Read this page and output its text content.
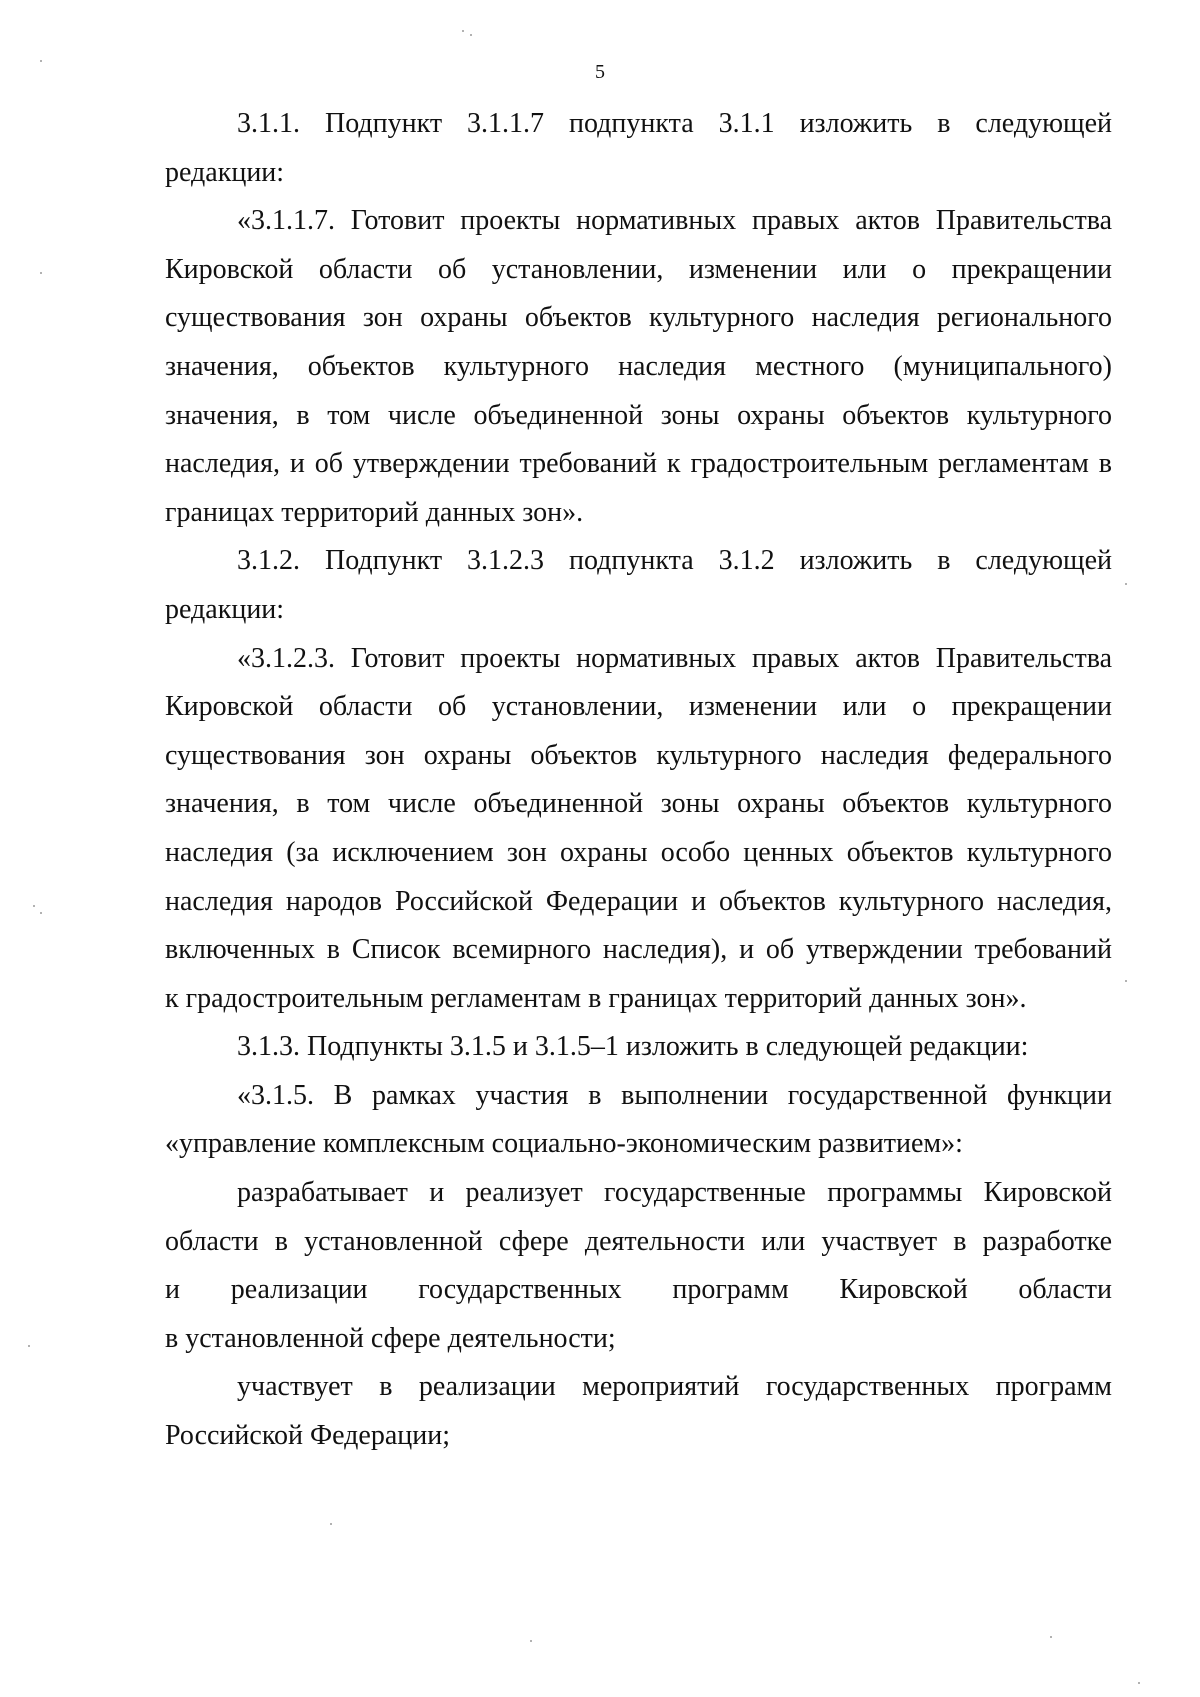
5

3.1.1. Подпункт 3.1.1.7 подпункта 3.1.1 изложить в следующей
редакции:

«3.1.1.7. Готовит проекты нормативных правых актов Правительства
Кировской области об установлении, изменении или о прекращении
существования зон охраны объектов культурного наследия регионального
значения, объектов культурного наследия местного (муниципального)
значения, в том числе объединенной зоны охраны объектов культурного
наследия, и об утверждении требований к градостроительным регламентам в
границах территорий данных зон».

3.1.2. Подпункт 3.1.2.3 подпункта 3.1.2 изложить в следующей
редакции:

«3.1.2.3. Готовит проекты нормативных правых актов Правительства
Кировской области об установлении, изменении или о прекращении
существования зон охраны объектов культурного наследия федерального
значения, в том числе объединенной зоны охраны объектов культурного
наследия (за исключением зон охраны особо ценных объектов культурного
наследия народов Российской Федерации и объектов культурного наследия,
включенных в Список всемирного наследия), и об утверждении требований
к градостроительным регламентам в границах территорий данных зон».

3.1.3. Подпункты 3.1.5 и 3.1.5–1 изложить в следующей редакции:

«3.1.5. В рамках участия в выполнении государственной функции
«управление комплексным социально-экономическим развитием»:

разрабатывает и реализует государственные программы Кировской
области в установленной сфере деятельности или участвует в разработке
и реализации государственных программ Кировской области
в установленной сфере деятельности;

участвует в реализации мероприятий государственных программ
Российской Федерации;
